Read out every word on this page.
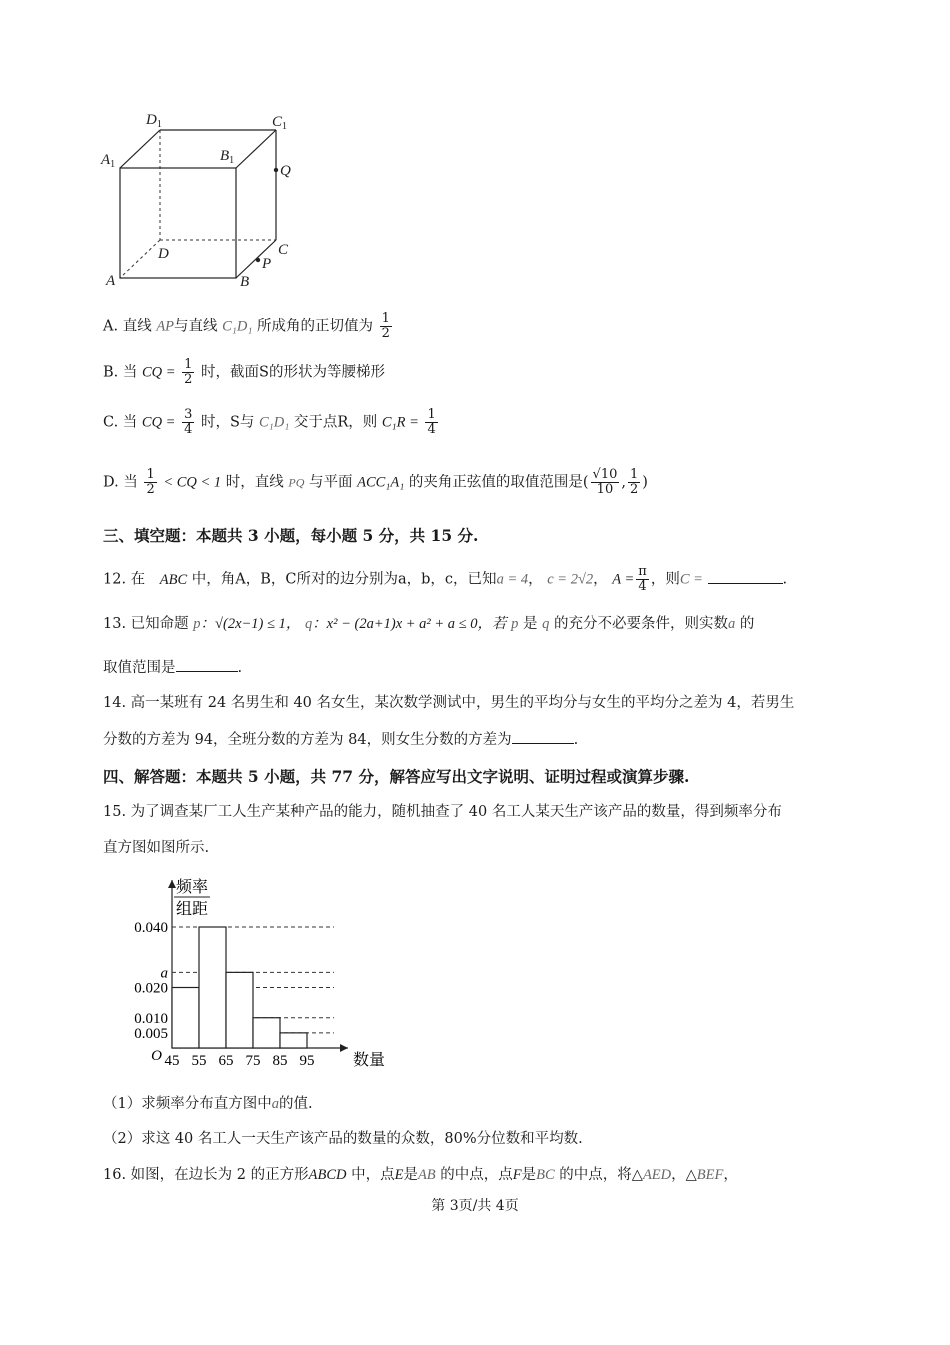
$D_1$	$C_1$
$A_1$
$B_1$
Q
D	C
A	B
P
A. 直线 AP与直线 C₁D₁ 所成角的正切值为 $\frac{1}{2}$
B. 当 CQ = $\frac{1}{2}$ 时，截面S的形状为等腰梯形
C. 当 CQ = $\frac{3}{4}$ 时，S与 C₁D₁ 交于点R，则 $C_1R = \frac{1}{4}$
D. 当 $\frac{1}{2}$ < CQ < 1 时，直线 PQ 与平面 ACC₁A₁ 的夹角正弦值的取值范围是( $\frac{√10}{10}$ , $\frac{1}{2}$ )
三、填空题：本题共 3 小题，每小题 5 分，共 15 分.
12. 在 ABC 中，角A，B，C所对的边分别为a，b，c，已知a = 4， c = 2√2， $A = \frac{\pi}{4}$ ，则C =	.
13. 已知命题 p：√(2x−1) ≤ 1， q：x² − (2a+1)x + a² + a ≤ 0，若 p 是 q 的充分不必要条件，则实数a 的
取值范围是	.
14. 高一某班有 24 名男生和 40 名女生，某次数学测试中，男生的平均分与女生的平均分之差为 4，若男生
分数的方差为 94，全班分数的方差为 84，则女生分数的方差为	.
四、解答题：本题共 5 小题，共 77 分，解答应写出文字说明、证明过程或演算步骤.
15. 为了调查某厂工人生产某种产品的能力，随机抽查了 40 名工人某天生产该产品的数量，得到频率分布
直方图如图所示.
0.040
a
0.020
0.010
0.005
45 55 65 75 85 95
O	数量
频率
组距
（1）求频率分布直方图中a的值.
（2）求这 40 名工人一天生产该产品的数量的众数，80%分位数和平均数.
16. 如图，在边长为 2 的正方形ABCD 中，点E是AB 的中点，点F是BC 的中点，将△AED，△BEF，
第 3页/共 4页
